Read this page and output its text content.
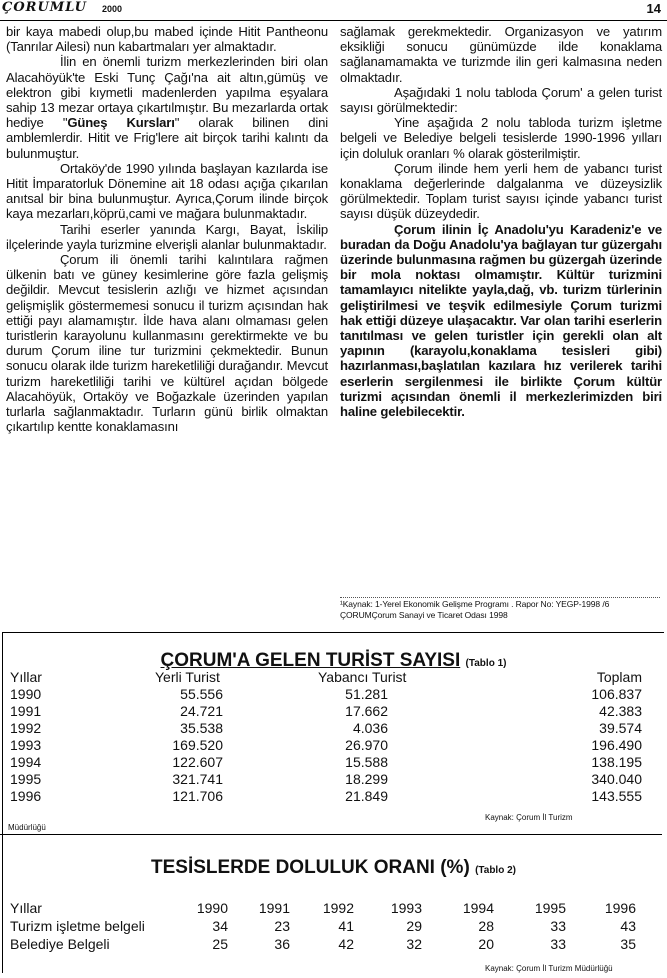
ÇORUMLU 2000	14

bir kaya mabedi olup,bu mabed içinde Hitit Pantheonu (Tanrılar Ailesi) nun kabartmaları yer almaktadır.

İlin en önemli turizm merkezlerinden biri olan Alacahöyük'te Eski Tunç Çağı'na ait altın,gümüş ve elektron gibi kıymetli madenlerden yapılma eşyalara sahip 13 mezar ortaya çıkartılmıştır. Bu mezarlarda ortak hediye "Güneş Kursları" olarak bilinen dini amblemlerdir. Hitit ve Frig'lere ait birçok tarihi kalıntı da bulunmuştur.

Ortaköy'de 1990 yılında başlayan kazılarda ise Hitit İmparatorluk Dönemine ait 18 odası açığa çıkarılan anıtsal bir bina bulunmuştur. Ayrıca,Çorum ilinde birçok kaya mezarları,köprü,cami ve mağara bulunmaktadır.

Tarihi eserler yanında Kargı, Bayat, İskilip ilçelerinde yayla turizmine elverişli alanlar bulunmaktadır.

Çorum ili önemli tarihi kalıntılara rağmen ülkenin batı ve güney kesimlerine göre fazla gelişmiş değildir. Mevcut tesislerin azlığı ve hizmet açısından gelişmişlik göstermemesi sonucu il turizm açısından hak ettiği payı alamamıştır. İlde hava alanı olmaması gelen turistlerin karayolunu kullanmasını gerektirmekte ve bu durum Çorum iline tur turizmini çekmektedir. Bunun sonucu olarak ilde turizm hareketliliği durağandır. Mevcut turizm hareketliliği tarihi ve kültürel açıdan bölgede Alacahöyük, Ortaköy ve Boğazkale üzerinden yapılan turlarla sağlanmaktadır. Turların günü birlik olmaktan çıkartılıp kentte konaklamasını

sağlamak gerekmektedir. Organizasyon ve yatırım eksikliği sonucu günümüzde ilde konaklama sağlanamamakta ve turizmde ilin geri kalmasına neden olmaktadır.

Aşağıdaki 1 nolu tabloda Çorum' a gelen turist sayısı görülmektedir:

Yine aşağıda 2 nolu tabloda turizm işletme belgeli ve Belediye belgeli tesislerde 1990-1996 yılları için doluluk oranları % olarak gösterilmiştir.

Çorum ilinde hem yerli hem de yabancı turist konaklama değerlerinde dalgalanma ve düzeysizlik görülmektedir. Toplam turist sayısı içinde yabancı turist sayısı düşük düzeydedir.

Çorum ilinin İç Anadolu'yu Karadeniz'e ve buradan da Doğu Anadolu'ya bağlayan tur güzergahı üzerinde bulunmasına rağmen bu güzergah üzerinde bir mola noktası olmamıştır. Kültür turizmini tamamlayıcı nitelikte yayla,dağ, vb. turizm türlerinin geliştirilmesi ve teşvik edilmesiyle Çorum turizmi hak ettiği düzeye ulaşacaktır. Var olan tarihi eserlerin tanıtılması ve gelen turistler için gerekli olan alt yapının (karayolu,konaklama tesisleri gibi) hazırlanması,başlatılan kazılara hız verilerek tarihi eserlerin sergilenmesi ile birlikte Çorum kültür turizmi açısından önemli il merkezlerimizden biri haline gelebilecektir.

¹Kaynak: 1-Yerel Ekonomik Gelişme Programı . Rapor No: YEGP-1998 /6 ÇORUMÇorum Sanayi ve Ticaret Odası 1998
ÇORUM'A GELEN TURİST SAYISI (Tablo 1)
Yıllar	Yerli Turist	Yabancı Turist	Toplam
1990	55.556	51.281	106.837
1991	24.721	17.662	42.383
1992	35.538	4.036	39.574
1993	169.520	26.970	196.490
1994	122.607	15.588	138.195
1995	321.741	18.299	340.040
1996	121.706	21.849	143.555
Kaynak: Çorum İl Turizm
Müdürlüğü
TESİSLERDE DOLULUK ORANI (%) (Tablo 2)
Yıllar	1990 1991 1992	1993	1994	1995	1996
Turizm işletme belgeli	34	23	41	29	28	33	43
Belediye Belgeli	25	36	42	32	20	33	35
Kaynak: Çorum İl Turizm Müdürlüğü
